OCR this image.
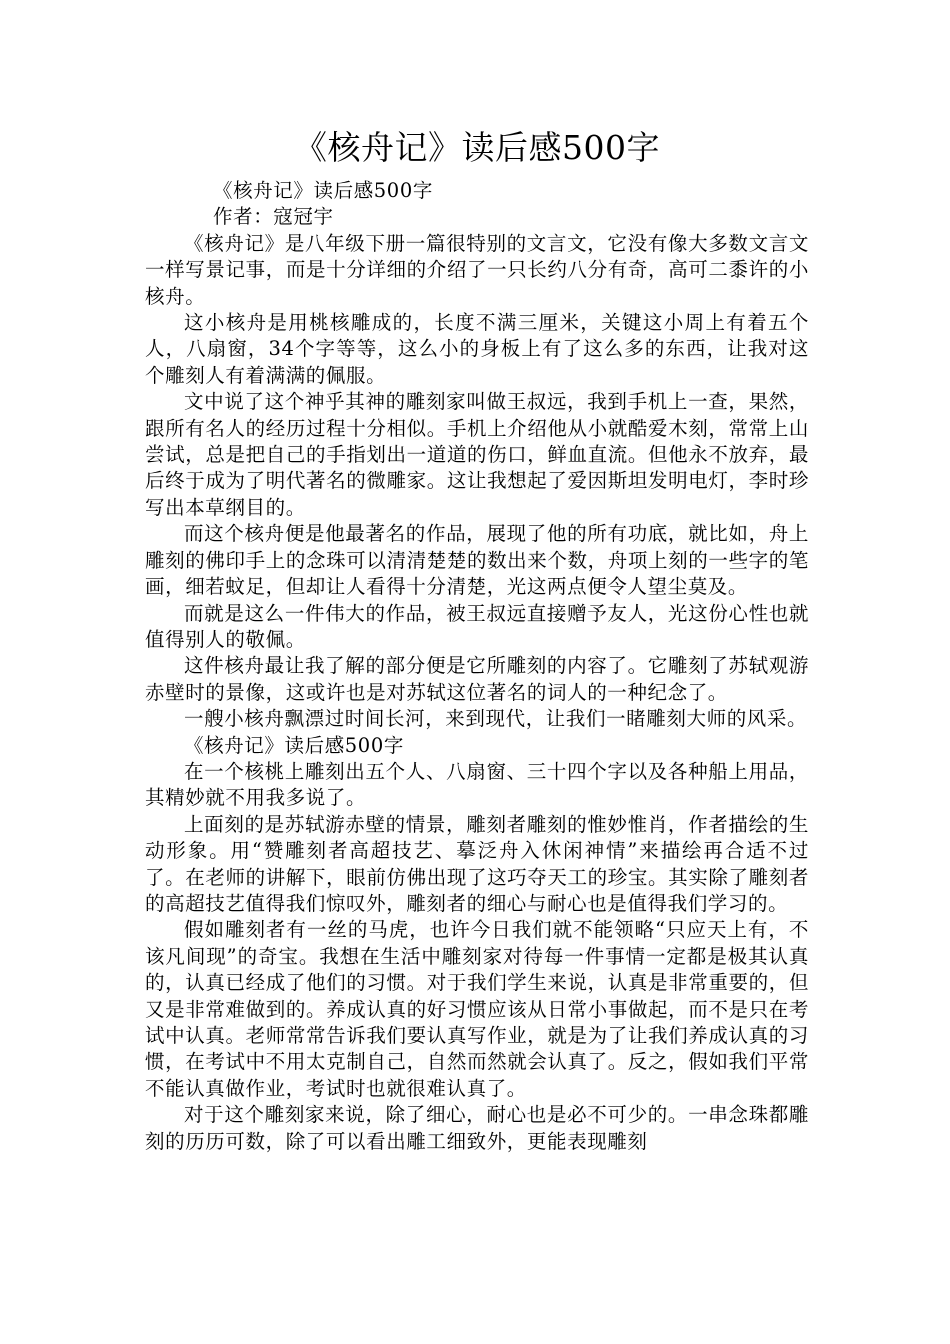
《核舟记》读后感500字

《核舟记》读后感500字

作者：寇冠宇

《核舟记》是八年级下册一篇很特别的文言文，它没有像大多数文言文一样写景记事，而是十分详细的介绍了一只长约八分有奇，高可二黍许的小核舟。

这小核舟是用桃核雕成的，长度不满三厘米，关键这小周上有着五个人，八扇窗，34个字等等，这么小的身板上有了这么多的东西，让我对这个雕刻人有着满满的佩服。

文中说了这个神乎其神的雕刻家叫做王叔远，我到手机上一查，果然，跟所有名人的经历过程十分相似。手机上介绍他从小就酷爱木刻，常常上山尝试，总是把自己的手指划出一道道的伤口，鲜血直流。但他永不放弃，最后终于成为了明代著名的微雕家。这让我想起了爱因斯坦发明电灯，李时珍写出本草纲目的。

而这个核舟便是他最著名的作品，展现了他的所有功底，就比如，舟上雕刻的佛印手上的念珠可以清清楚楚的数出来个数，舟项上刻的一些字的笔画，细若蚊足，但却让人看得十分清楚，光这两点便令人望尘莫及。

而就是这么一件伟大的作品，被王叔远直接赠予友人，光这份心性也就值得别人的敬佩。

这件核舟最让我了解的部分便是它所雕刻的内容了。它雕刻了苏轼观游赤壁时的景像，这或许也是对苏轼这位著名的词人的一种纪念了。

一艘小核舟飘漂过时间长河，来到现代，让我们一睹雕刻大师的风采。

《核舟记》读后感500字

在一个核桃上雕刻出五个人、八扇窗、三十四个字以及各种船上用品，其精妙就不用我多说了。

上面刻的是苏轼游赤壁的情景，雕刻者雕刻的惟妙惟肖，作者描绘的生动形象。用“赞雕刻者高超技艺、摹泛舟入休闲神情”来描绘再合适不过了。在老师的讲解下，眼前仿佛出现了这巧夺天工的珍宝。其实除了雕刻者的高超技艺值得我们惊叹外，雕刻者的细心与耐心也是值得我们学习的。

假如雕刻者有一丝的马虎，也许今日我们就不能领略“只应天上有，不该凡间现”的奇宝。我想在生活中雕刻家对待每一件事情一定都是极其认真的，认真已经成了他们的习惯。对于我们学生来说，认真是非常重要的，但又是非常难做到的。养成认真的好习惯应该从日常小事做起，而不是只在考试中认真。老师常常告诉我们要认真写作业，就是为了让我们养成认真的习惯，在考试中不用太克制自己，自然而然就会认真了。反之，假如我们平常不能认真做作业，考试时也就很难认真了。

对于这个雕刻家来说，除了细心，耐心也是必不可少的。一串念珠都雕刻的历历可数，除了可以看出雕工细致外，更能表现雕刻
